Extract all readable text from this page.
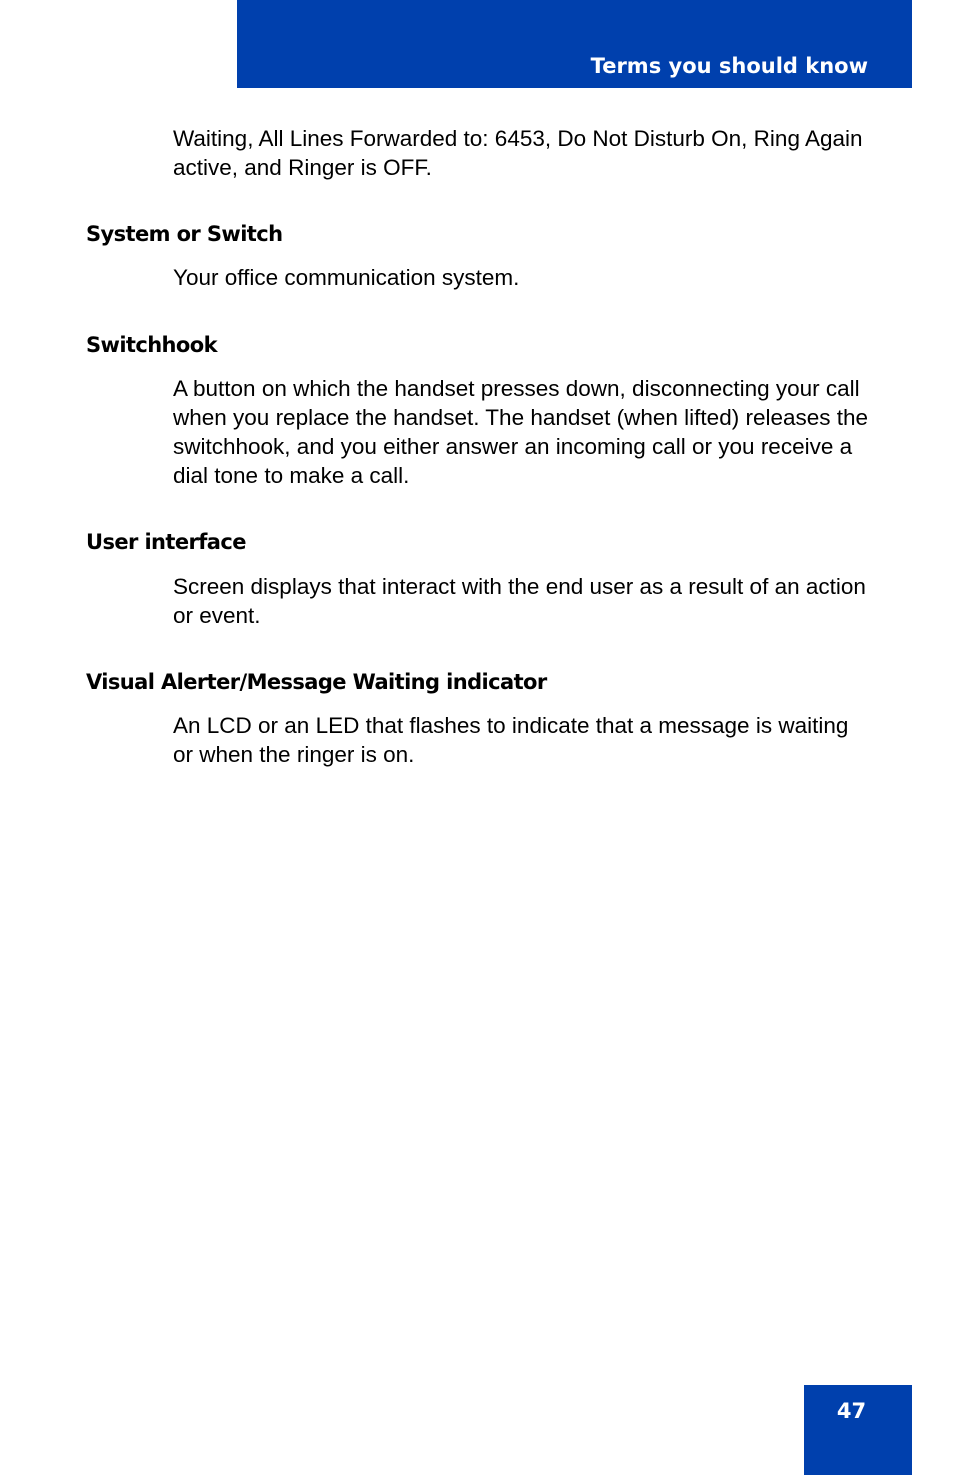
Terms you should know

Waiting, All Lines Forwarded to: 6453, Do Not Disturb On, Ring Again active, and Ringer is OFF.

System or Switch

Your office communication system.

Switchhook

A button on which the handset presses down, disconnecting your call when you replace the handset. The handset (when lifted) releases the switchhook, and you either answer an incoming call or you receive a dial tone to make a call.

User interface

Screen displays that interact with the end user as a result of an action or event.

Visual Alerter/Message Waiting indicator

An LCD or an LED that flashes to indicate that a message is waiting or when the ringer is on.

47
